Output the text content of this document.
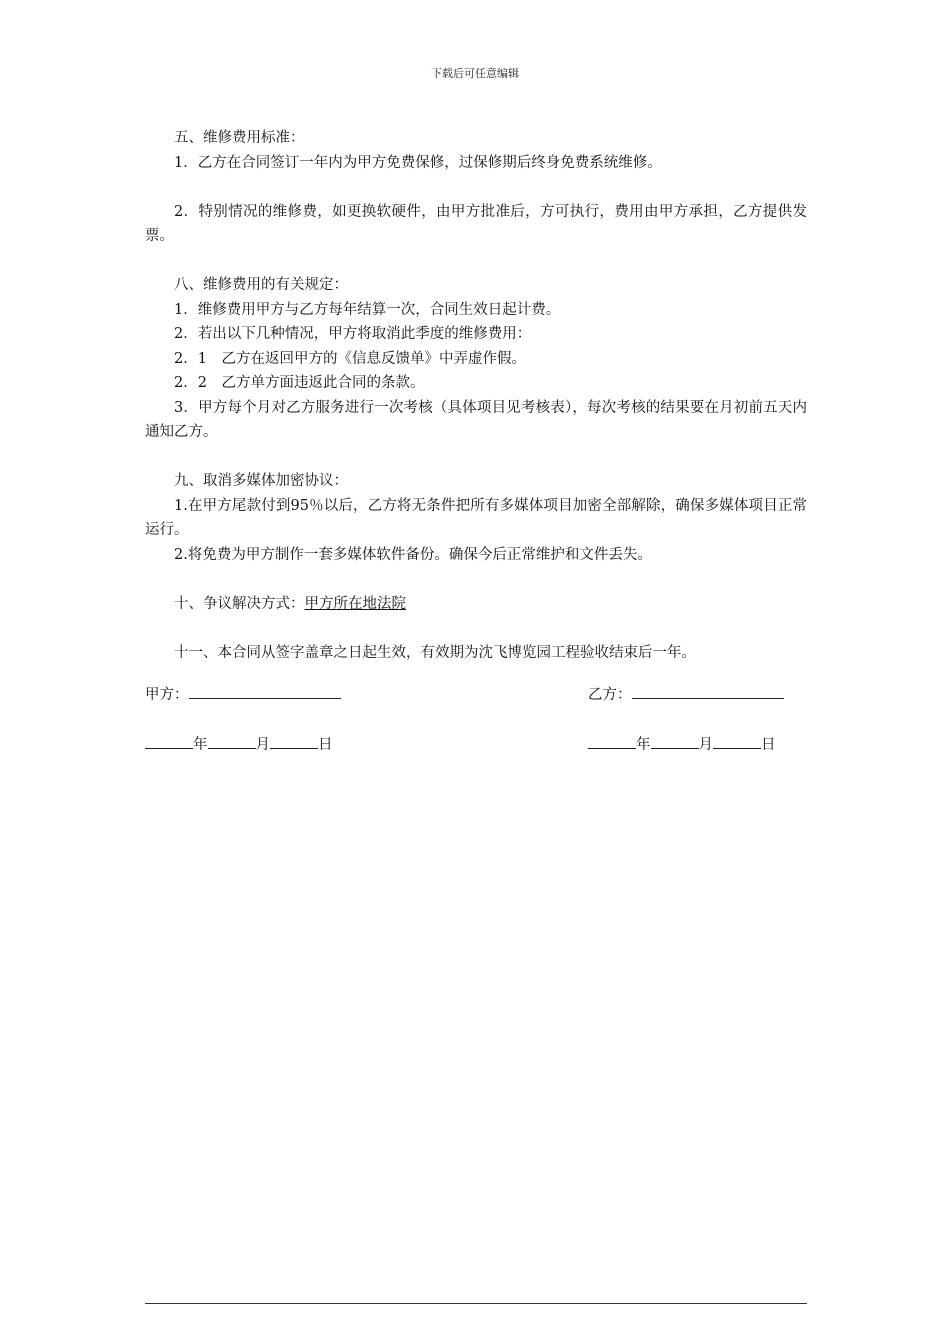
下载后可任意编辑

五、维修费用标准：

1．乙方在合同签订一年内为甲方免费保修，过保修期后终身免费系统维修。

2．特别情况的维修费，如更换软硬件，由甲方批准后，方可执行，费用由甲方承担，乙方提供发票。

八、维修费用的有关规定：

1．维修费用甲方与乙方每年结算一次，合同生效日起计费。

2．若出以下几种情况，甲方将取消此季度的维修费用：

2．1　乙方在返回甲方的《信息反馈单》中弄虚作假。

2．2　乙方单方面违返此合同的条款。

3．甲方每个月对乙方服务进行一次考核（具体项目见考核表），每次考核的结果要在月初前五天内通知乙方。

九、取消多媒体加密协议：

1.在甲方尾款付到95％以后，乙方将无条件把所有多媒体项目加密全部解除，确保多媒体项目正常运行。

2.将免费为甲方制作一套多媒体软件备份。确保今后正常维护和文件丢失。

十、争议解决方式：甲方所在地法院

十一、本合同从签字盖章之日起生效，有效期为沈飞博览园工程验收结束后一年。

甲方：	乙方：
年	月	日	年	月	日
